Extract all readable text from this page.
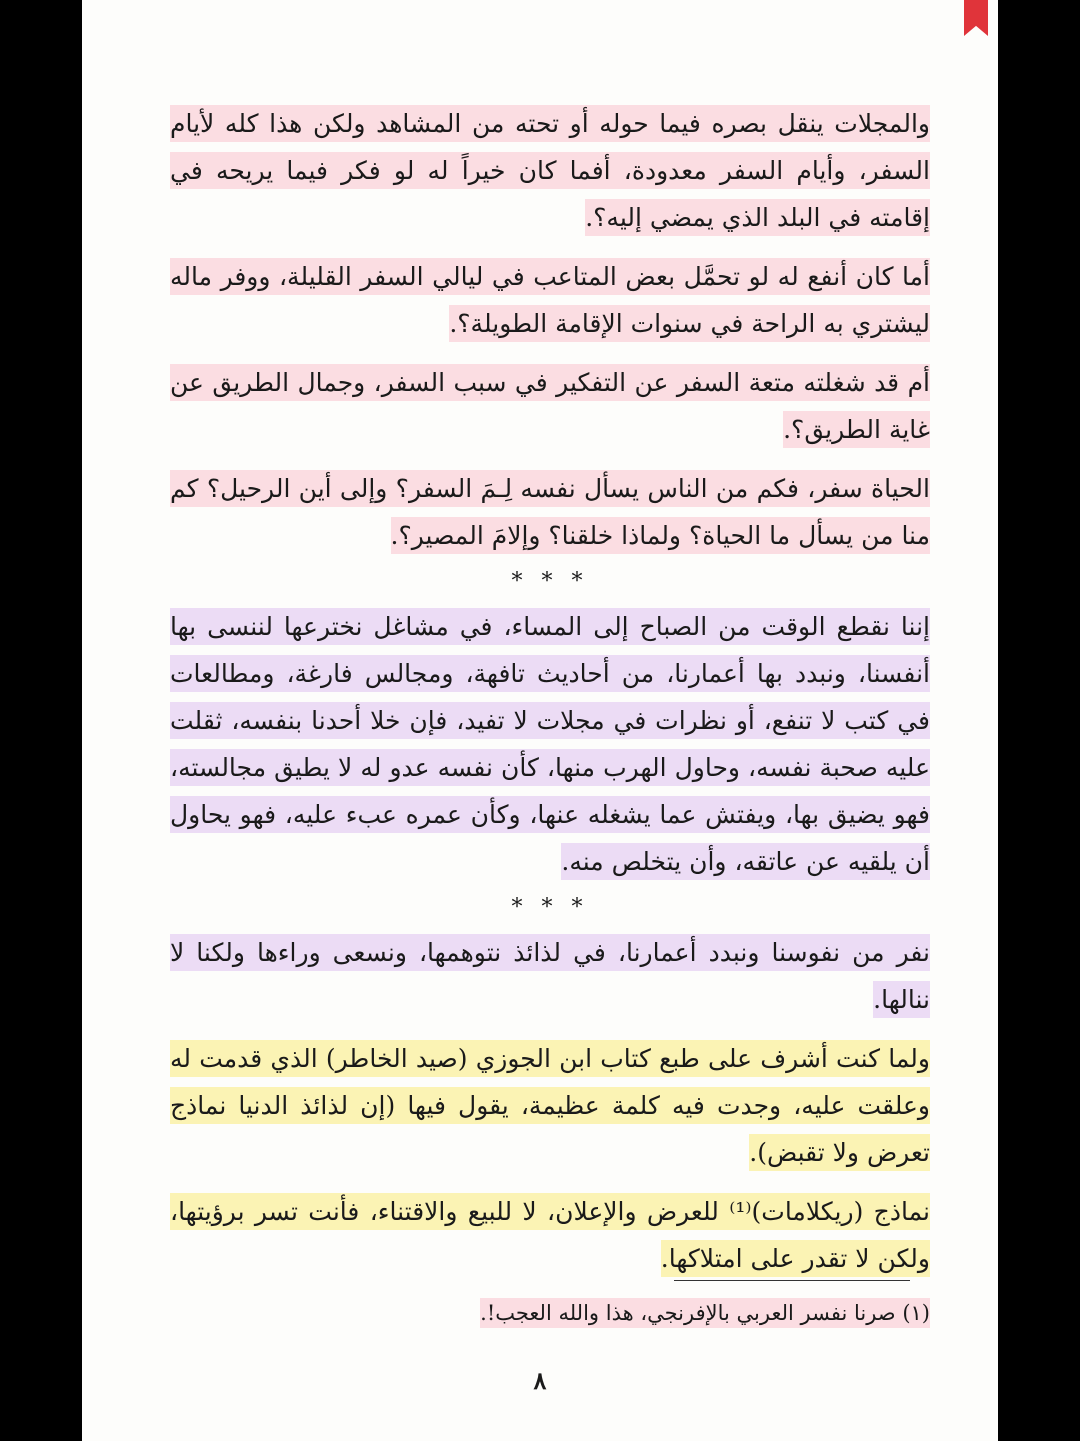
والمجلات ينقل بصره فيما حوله أو تحته من المشاهد ولكن هذا كله لأيام السفر، وأيام السفر معدودة، أفما كان خيراً له لو فكر فيما يريحه في إقامته في البلد الذي يمضي إليه؟.

أما كان أنفع له لو تحمَّل بعض المتاعب في ليالي السفر القليلة، ووفر ماله ليشتري به الراحة في سنوات الإقامة الطويلة؟.

أم قد شغلته متعة السفر عن التفكير في سبب السفر، وجمال الطريق عن غاية الطريق؟.

الحياة سفر، فكم من الناس يسأل نفسه لِـمَ السفر؟ وإلى أين الرحيل؟ كم منا من يسأل ما الحياة؟ ولماذا خلقنا؟ وإلامَ المصير؟.

* * *

إننا نقطع الوقت من الصباح إلى المساء، في مشاغل نخترعها لننسى بها أنفسنا، ونبدد بها أعمارنا، من أحاديث تافهة، ومجالس فارغة، ومطالعات في كتب لا تنفع، أو نظرات في مجلات لا تفيد، فإن خلا أحدنا بنفسه، ثقلت عليه صحبة نفسه، وحاول الهرب منها، كأن نفسه عدو له لا يطيق مجالسته، فهو يضيق بها، ويفتش عما يشغله عنها، وكأن عمره عبء عليه، فهو يحاول أن يلقيه عن عاتقه، وأن يتخلص منه.

* * *

نفر من نفوسنا ونبدد أعمارنا، في لذائذ نتوهمها، ونسعى وراءها ولكنا لا ننالها.

ولما كنت أشرف على طبع كتاب ابن الجوزي (صيد الخاطر) الذي قدمت له وعلقت عليه، وجدت فيه كلمة عظيمة، يقول فيها (إن لذائذ الدنيا نماذج تعرض ولا تقبض).

نماذج (ريكلامات)⁽¹⁾ للعرض والإعلان، لا للبيع والاقتناء، فأنت تسر برؤيتها، ولكن لا تقدر على امتلاكها.

(١) صرنا نفسر العربي بالإفرنجي، هذا والله العجب!.
٨
